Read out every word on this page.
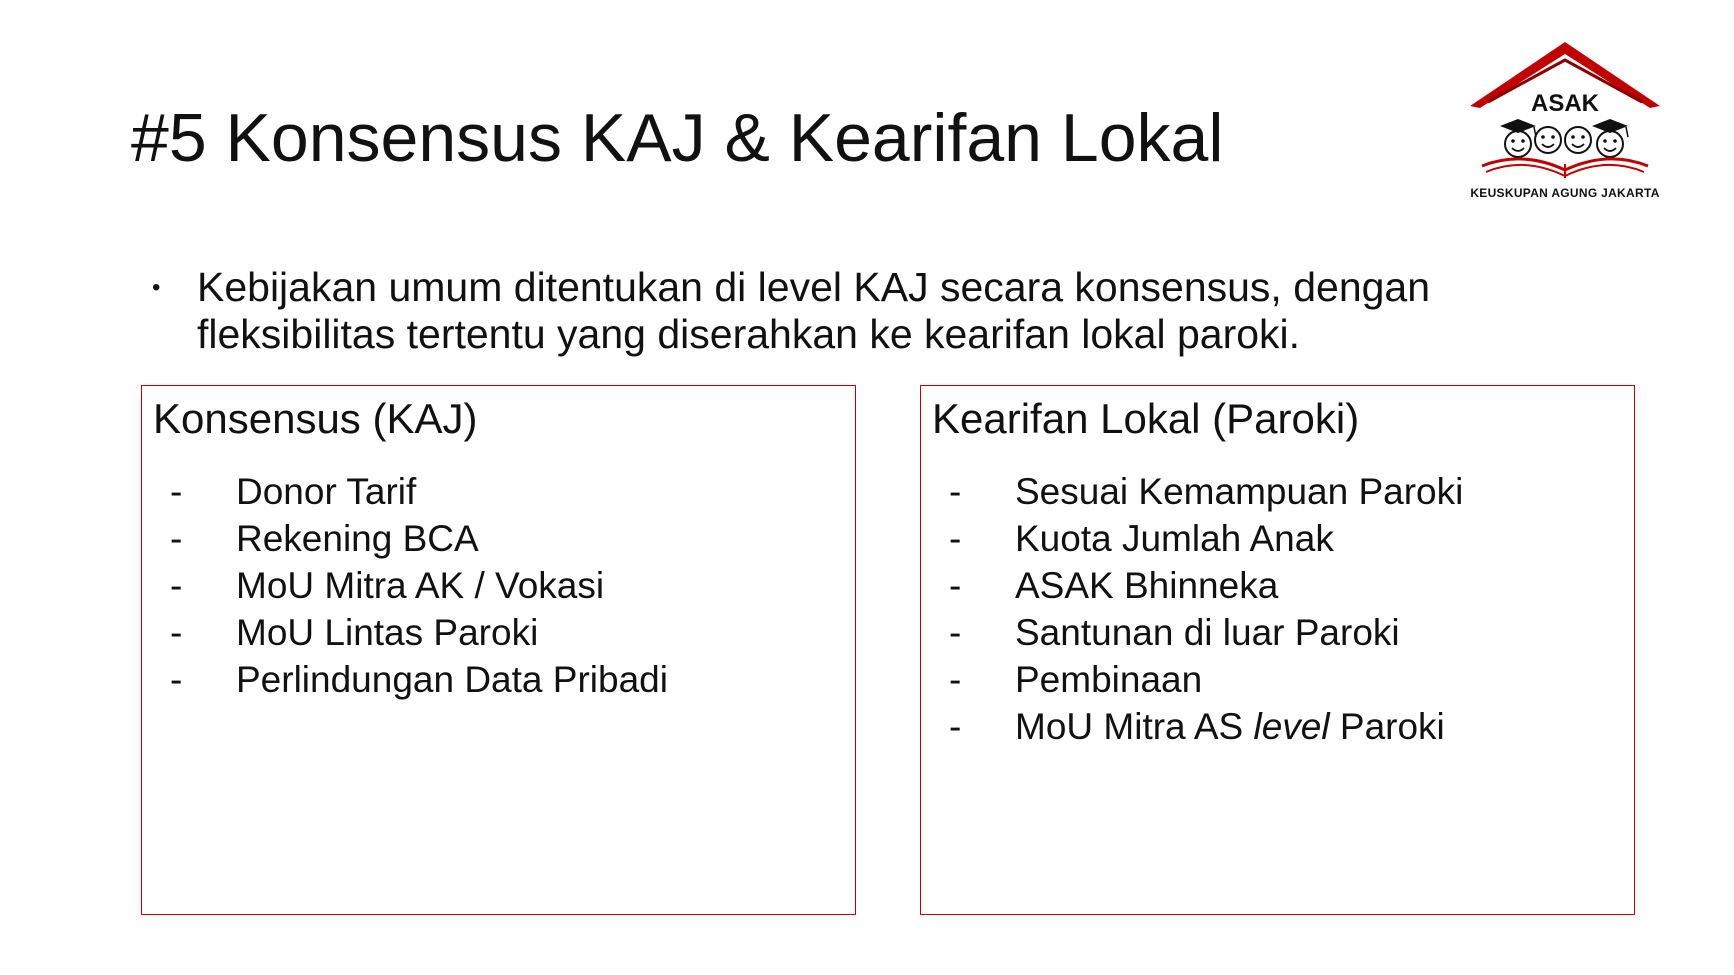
#5 Konsensus KAJ & Kearifan Lokal	ASAK
KEUSKUPAN AGUNG JAKARTA
• Kebijakan umum ditentukan di level KAJ secara konsensus, dengan fleksibilitas tertentu yang diserahkan ke kearifan lokal paroki.
Konsensus (KAJ)
-	Donor Tarif
-	Rekening BCA
-	MoU Mitra AK / Vokasi
-	MoU Lintas Paroki
-	Perlindungan Data Pribadi
Kearifan Lokal (Paroki)
-	Sesuai Kemampuan Paroki
-	Kuota Jumlah Anak
-	ASAK Bhinneka
-	Santunan di luar Paroki
-	Pembinaan
-	MoU Mitra AS level Paroki
